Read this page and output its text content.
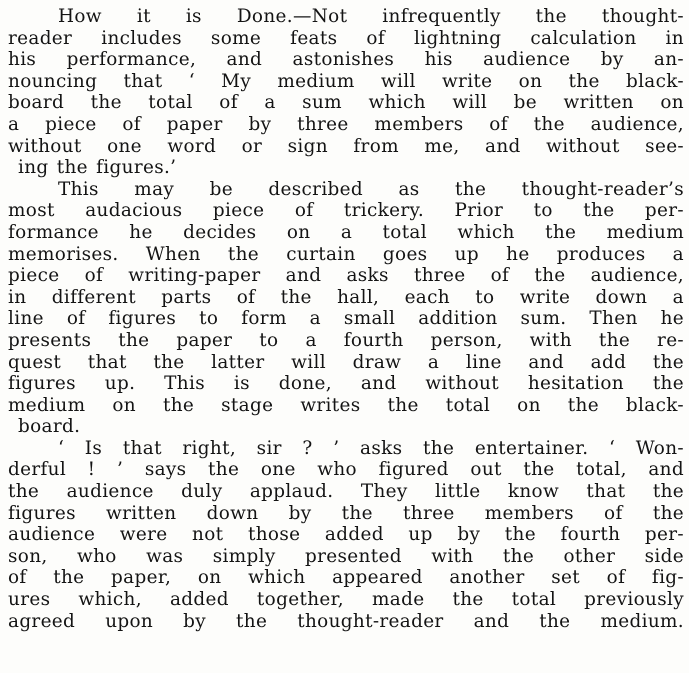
How it is Done.—Not infrequently the thought-
reader includes some feats of lightning calculation in
his performance, and astonishes his audience by an-
nouncing that ‘ My medium will write on the black-
board the total of a sum which will be written on
a piece of paper by three members of the audience,
without one word or sign from me, and without see-
ing the figures.’
This may be described as the thought-reader’s
most audacious piece of trickery. Prior to the per-
formance he decides on a total which the medium
memorises. When the curtain goes up he produces a
piece of writing-paper and asks three of the audience,
in different parts of the hall, each to write down a
line of figures to form a small addition sum. Then he
presents the paper to a fourth person, with the re-
quest that the latter will draw a line and add the
figures up. This is done, and without hesitation the
medium on the stage writes the total on the black-
board.
‘ Is that right, sir ? ’ asks the entertainer. ‘ Won-
derful ! ’ says the one who figured out the total, and
the audience duly applaud. They little know that the
figures written down by the three members of the
audience were not those added up by the fourth per-
son, who was simply presented with the other side
of the paper, on which appeared another set of fig-
ures which, added together, made the total previously
agreed upon by the thought-reader and the medium.
